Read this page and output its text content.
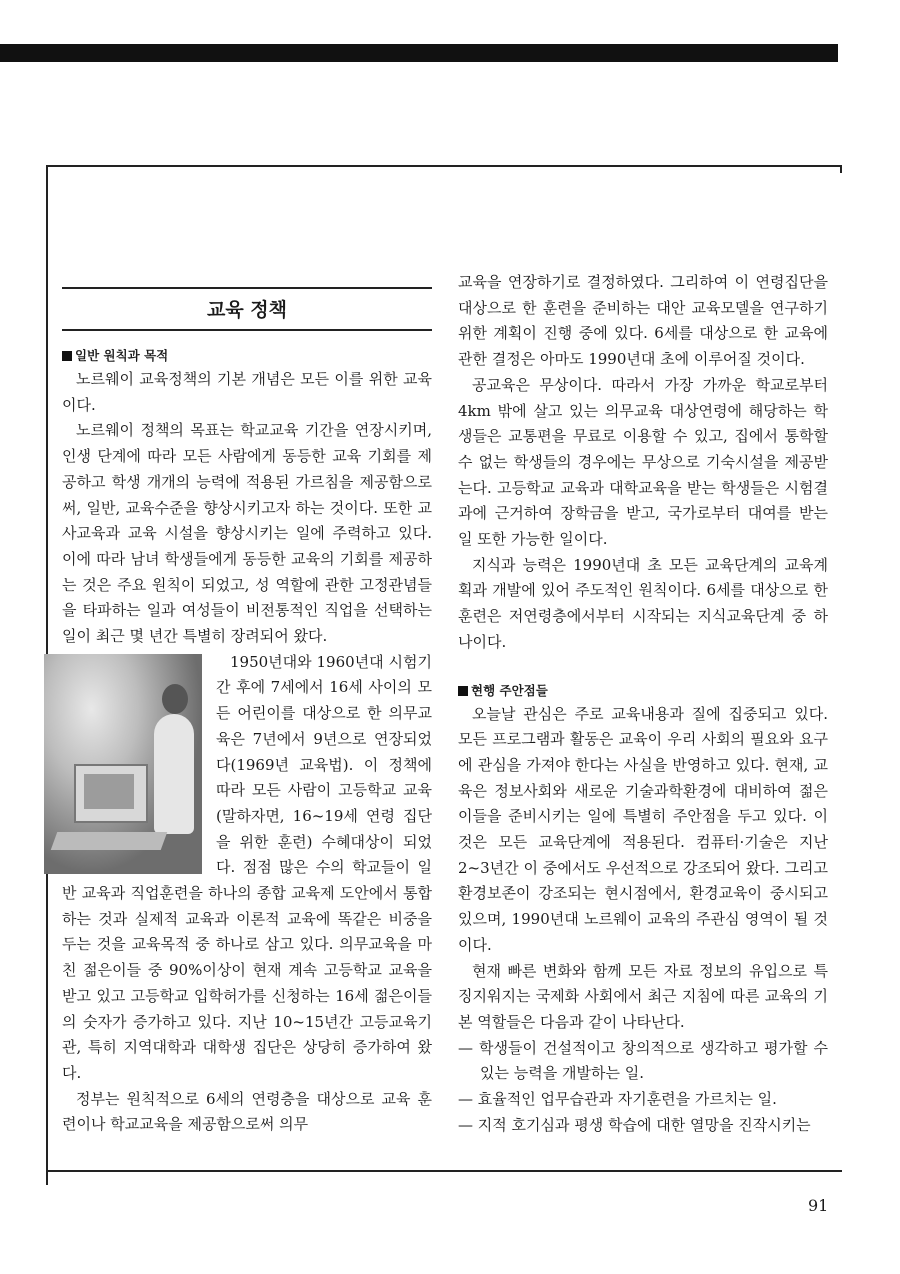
교육 정책

일반 원칙과 목적

노르웨이 교육정책의 기본 개념은 모든 이를 위한 교육이다.

노르웨이 정책의 목표는 학교교육 기간을 연장시키며, 인생 단계에 따라 모든 사람에게 동등한 교육 기회를 제공하고 학생 개개의 능력에 적용된 가르침을 제공함으로써, 일반, 교육수준을 향상시키고자 하는 것이다. 또한 교사교육과 교육 시설을 향상시키는 일에 주력하고 있다. 이에 따라 남녀 학생들에게 동등한 교육의 기회를 제공하는 것은 주요 원칙이 되었고, 성 역할에 관한 고정관념들을 타파하는 일과 여성들이 비전통적인 직업을 선택하는 일이 최근 몇 년간 특별히 장려되어 왔다.

1950년대와 1960년대 시험기간 후에 7세에서 16세 사이의 모든 어린이를 대상으로 한 의무교육은 7년에서 9년으로 연장되었다(1969년 교육법). 이 정책에 따라 모든 사람이 고등학교 교육(말하자면, 16~19세 연령 집단을 위한 훈련) 수혜대상이 되었다. 점점 많은 수의 학교들이 일반 교육과 직업훈련을 하나의 종합 교육제 도안에서 통합하는 것과 실제적 교육과 이론적 교육에 똑같은 비중을 두는 것을 교육목적 중 하나로 삼고 있다. 의무교육을 마친 젊은이들 중 90%이상이 현재 계속 고등학교 교육을 받고 있고 고등학교 입학허가를 신청하는 16세 젊은이들의 숫자가 증가하고 있다. 지난 10~15년간 고등교육기관, 특히 지역대학과 대학생 집단은 상당히 증가하여 왔다.

정부는 원칙적으로 6세의 연령층을 대상으로 교육 훈련이나 학교교육을 제공함으로써 의무

교육을 연장하기로 결정하였다. 그리하여 이 연령집단을 대상으로 한 훈련을 준비하는 대안 교육모델을 연구하기 위한 계획이 진행 중에 있다. 6세를 대상으로 한 교육에 관한 결정은 아마도 1990년대 초에 이루어질 것이다.

공교육은 무상이다. 따라서 가장 가까운 학교로부터 4km 밖에 살고 있는 의무교육 대상연령에 해당하는 학생들은 교통편을 무료로 이용할 수 있고, 집에서 통학할 수 없는 학생들의 경우에는 무상으로 기숙시설을 제공받는다. 고등학교 교육과 대학교육을 받는 학생들은 시험결과에 근거하여 장학금을 받고, 국가로부터 대여를 받는 일 또한 가능한 일이다.

지식과 능력은 1990년대 초 모든 교육단계의 교육계획과 개발에 있어 주도적인 원칙이다. 6세를 대상으로 한 훈련은 저연령층에서부터 시작되는 지식교육단계 중 하나이다.

현행 주안점들

오늘날 관심은 주로 교육내용과 질에 집중되고 있다. 모든 프로그램과 활동은 교육이 우리 사회의 필요와 요구에 관심을 가져야 한다는 사실을 반영하고 있다. 현재, 교육은 정보사회와 새로운 기술과학환경에 대비하여 젊은이들을 준비시키는 일에 특별히 주안점을 두고 있다. 이것은 모든 교육단계에 적용된다. 컴퓨터·기술은 지난 2~3년간 이 중에서도 우선적으로 강조되어 왔다. 그리고 환경보존이 강조되는 현시점에서, 환경교육이 중시되고 있으며, 1990년대 노르웨이 교육의 주관심 영역이 될 것이다.

현재 빠른 변화와 함께 모든 자료 정보의 유입으로 특징지워지는 국제화 사회에서 최근 지침에 따른 교육의 기본 역할들은 다음과 같이 나타난다.

— 학생들이 건설적이고 창의적으로 생각하고 평가할 수 있는 능력을 개발하는 일.

— 효율적인 업무습관과 자기훈련을 가르치는 일.

— 지적 호기심과 평생 학습에 대한 열망을 진작시키는

91
